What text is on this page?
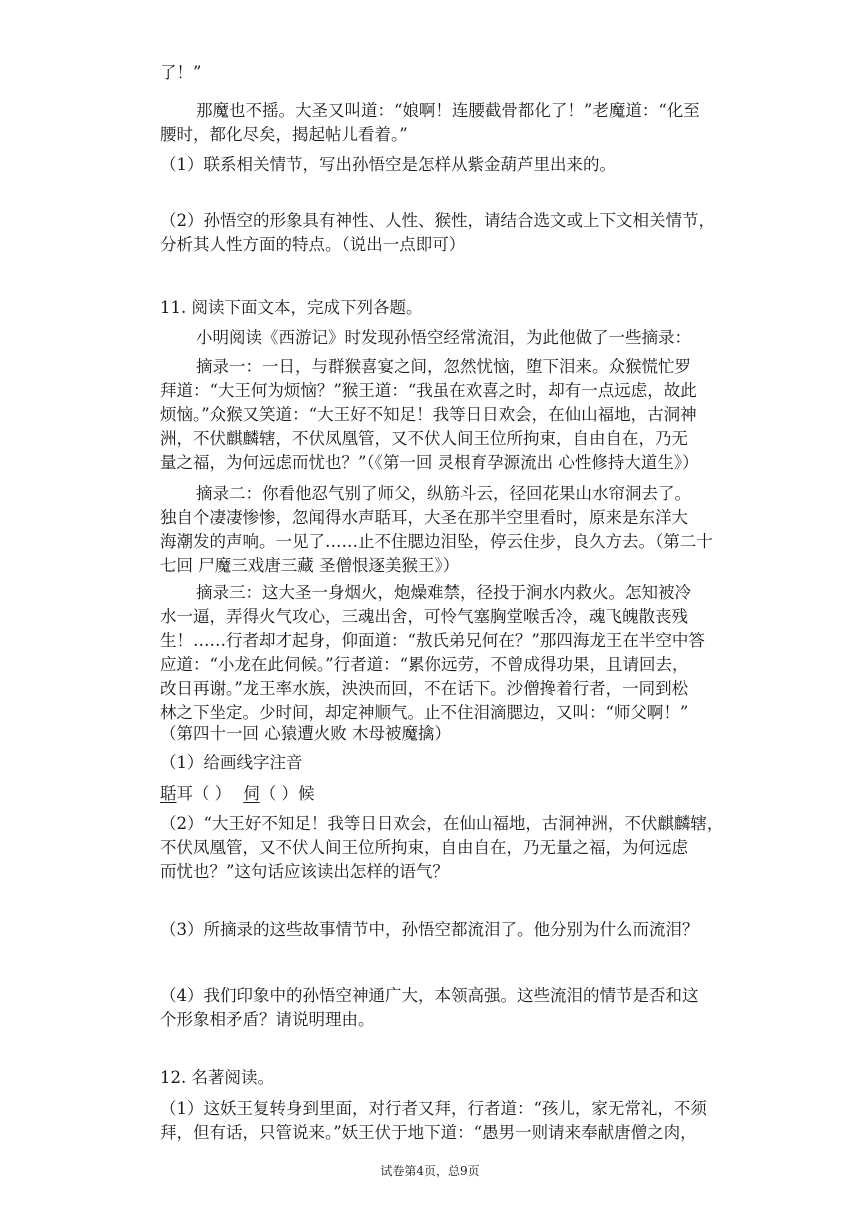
了！”
那魔也不摇。大圣又叫道：“娘啊！连腰截骨都化了！”老魔道：“化至
腰时，都化尽矣，揭起帖儿看着。”
（1）联系相关情节，写出孙悟空是怎样从紫金葫芦里出来的。
（2）孙悟空的形象具有神性、人性、猴性，请结合选文或上下文相关情节，
分析其人性方面的特点。（说出一点即可）
11. 阅读下面文本，完成下列各题。
小明阅读《西游记》时发现孙悟空经常流泪，为此他做了一些摘录：
摘录一：一日，与群猴喜宴之间，忽然忧恼，堕下泪来。众猴慌忙罗
拜道：“大王何为烦恼？”猴王道：“我虽在欢喜之时，却有一点远虑，故此
烦恼。”众猴又笑道：“大王好不知足！我等日日欢会，在仙山福地，古洞神
洲，不伏麒麟辖，不伏凤凰管，又不伏人间王位所拘束，自由自在，乃无
量之福，为何远虑而忧也？”（《第一回 灵根育孕源流出 心性修持大道生》）
摘录二：你看他忍气别了师父，纵筋斗云，径回花果山水帘洞去了。
独自个凄凄惨惨，忽闻得水声聒耳，大圣在那半空里看时，原来是东洋大
海潮发的声响。一见了……止不住腮边泪坠，停云住步，良久方去。（第二十
七回 尸魔三戏唐三藏 圣僧恨逐美猴王》）
摘录三：这大圣一身烟火，炮燥难禁，径投于涧水内救火。怎知被冷
水一逼，弄得火气攻心，三魂出舍，可怜气塞胸堂喉舌冷，魂飞魄散丧残
生！……行者却才起身，仰面道：“敖氏弟兄何在？”那四海龙王在半空中答
应道：“小龙在此伺候。”行者道：“累你远劳，不曾成得功果，且请回去，
改日再谢。”龙王率水族，泱泱而回，不在话下。沙僧搀着行者，一同到松
林之下坐定。少时间，却定神顺气。止不住泪滴腮边，又叫：“师父啊！”
（第四十一回 心猿遭火败 木母被魔擒）
（1）给画线字注音
聒耳（ ） 伺（ ）候
（2）“大王好不知足！我等日日欢会，在仙山福地，古洞神洲，不伏麒麟辖，
不伏凤凰管，又不伏人间王位所拘束，自由自在，乃无量之福，为何远虑
而忧也？”这句话应该读出怎样的语气？
（3）所摘录的这些故事情节中，孙悟空都流泪了。他分别为什么而流泪？
（4）我们印象中的孙悟空神通广大，本领高强。这些流泪的情节是否和这
个形象相矛盾？请说明理由。
12. 名著阅读。
（1）这妖王复转身到里面，对行者又拜，行者道：“孩儿，家无常礼，不须
拜，但有话，只管说来。”妖王伏于地下道：“愚男一则请来奉献唐僧之肉，
试卷第4页，总9页
